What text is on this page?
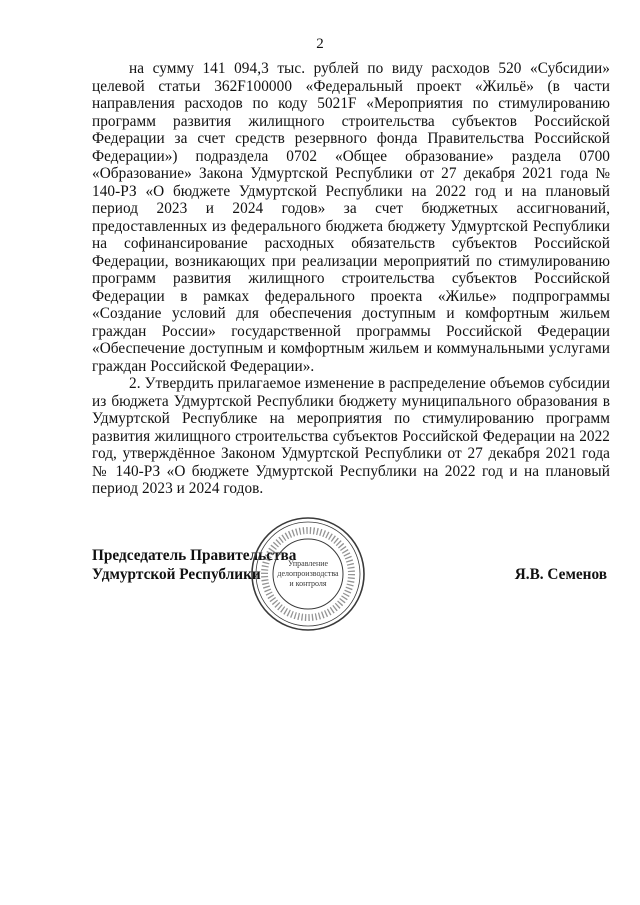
2

на сумму 141 094,3 тыс. рублей по виду расходов 520 «Субсидии» целевой статьи 362F100000 «Федеральный проект «Жильё» (в части направления расходов по коду 5021F «Мероприятия по стимулированию программ развития жилищного строительства субъектов Российской Федерации за счет средств резервного фонда Правительства Российской Федерации») подраздела 0702 «Общее образование» раздела 0700 «Образование» Закона Удмуртской Республики от 27 декабря 2021 года № 140-РЗ «О бюджете Удмуртской Республики на 2022 год и на плановый период 2023 и 2024 годов» за счет бюджетных ассигнований, предоставленных из федерального бюджета бюджету Удмуртской Республики на софинансирование расходных обязательств субъектов Российской Федерации, возникающих при реализации мероприятий по стимулированию программ развития жилищного строительства субъектов Российской Федерации в рамках федерального проекта «Жилье» подпрограммы «Создание условий для обеспечения доступным и комфортным жильем граждан России» государственной программы Российской Федерации «Обеспечение доступным и комфортным жильем и коммунальными услугами граждан Российской Федерации».

2. Утвердить прилагаемое изменение в распределение объемов субсидии из бюджета Удмуртской Республики бюджету муниципального образования в Удмуртской Республике на мероприятия по стимулированию программ развития жилищного строительства субъектов Российской Федерации на 2022 год, утверждённое Законом Удмуртской Республики от 27 декабря 2021 года № 140-РЗ «О бюджете Удмуртской Республики на 2022 год и на плановый период 2023 и 2024 годов.

Председатель Правительства
Удмуртской Республики	Я.В. Семенов
Управление
делопроизводства
и контроля
